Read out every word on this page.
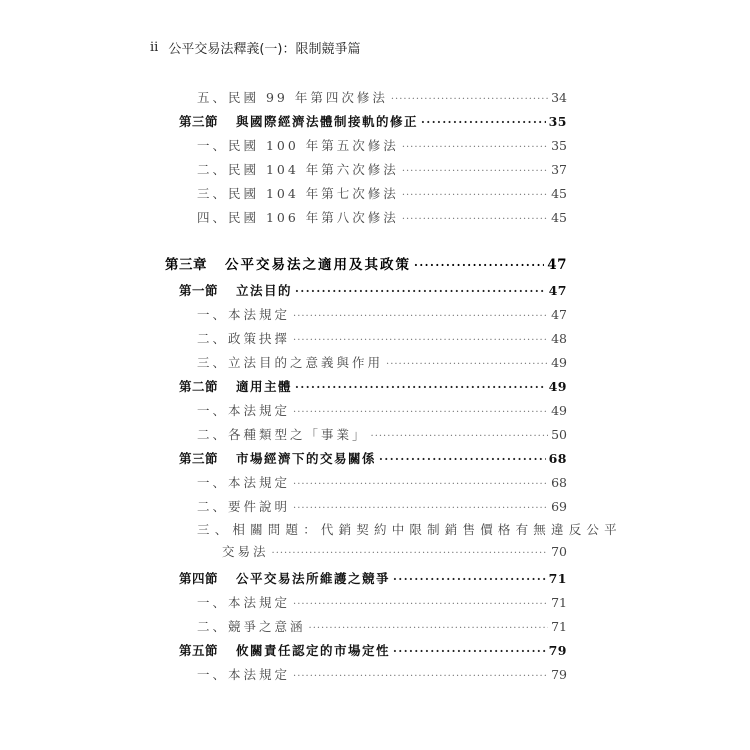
ii 公平交易法釋義(一)：限制競爭篇
五、民國 99 年第四次修法 ·····	34
第三節 與國際經濟法體制接軌的修正 ·····	35
一、民國 100 年第五次修法 ·····	35
二、民國 104 年第六次修法 ·····	37
三、民國 104 年第七次修法 ·····	45
四、民國 106 年第八次修法 ·····	45
第三章 公平交易法之適用及其政策 ·····	47
第一節 立法目的 ·····	47
一、本法規定 ·····	47
二、政策抉擇 ·····	48
三、立法目的之意義與作用 ·····	49
第二節 適用主體 ·····	49
一、本法規定 ·····	49
二、各種類型之「事業」 ·····	50
第三節 市場經濟下的交易關係 ·····	68
一、本法規定 ·····	68
二、要件說明 ·····	69
三、相關問題：代銷契約中限制銷售價格有無違反公平
交易法 ·····	70
第四節 公平交易法所維護之競爭 ·····	71
一、本法規定 ·····	71
二、競爭之意涵 ·····	71
第五節 攸關責任認定的市場定性 ·····	79
一、本法規定 ·····	79
